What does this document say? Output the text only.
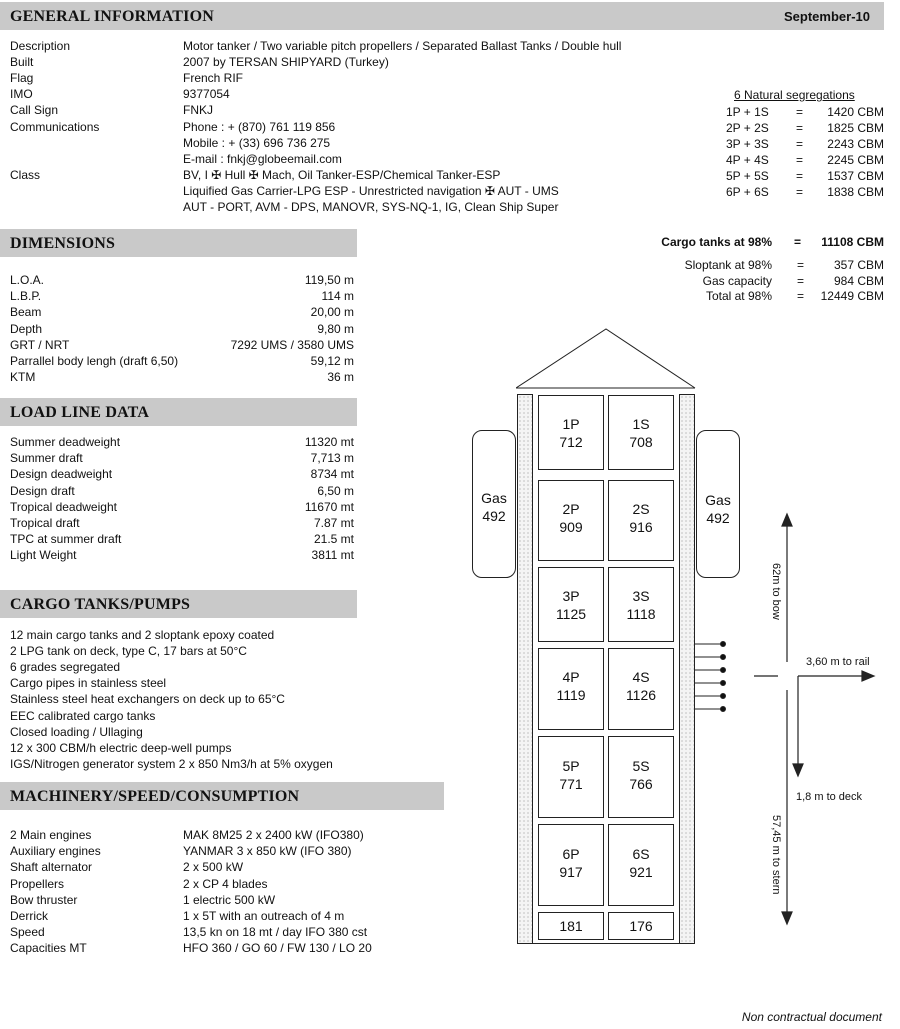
GENERAL INFORMATION	September-10
Description	Motor tanker / Two variable pitch propellers / Separated Ballast Tanks / Double hull
Built	2007 by TERSAN SHIPYARD (Turkey)
Flag	French RIF
IMO	9377054
Call Sign	FNKJ
Communications	Phone : + (870) 761 119 856
Mobile : + (33) 696 736 275
E-mail : fnkj@globeemail.com
Class	BV, I ✠ Hull ✠ Mach, Oil Tanker-ESP/Chemical Tanker-ESP
Liquified Gas Carrier-LPG ESP - Unrestricted navigation ✠ AUT - UMS
AUT - PORT, AVM - DPS, MANOVR, SYS-NQ-1, IG, Clean Ship Super
6 Natural segregations
1P + 1S = 1420 CBM
2P + 2S = 1825 CBM
3P + 3S = 2243 CBM
4P + 4S = 2245 CBM
5P + 5S = 1537 CBM
6P + 6S = 1838 CBM
Cargo tanks at 98% = 11108 CBM
Sloptank at 98% = 357 CBM
Gas capacity = 984 CBM
Total at 98% = 12449 CBM
DIMENSIONS
L.O.A.	119,50 m
L.B.P.	114 m
Beam	20,00 m
Depth	9,80 m
GRT / NRT	7292 UMS / 3580 UMS
Parrallel body lengh (draft 6,50)	59,12 m
KTM	36 m
LOAD LINE DATA
Summer deadweight	11320 mt
Summer draft	7,713 m
Design deadweight	8734 mt
Design draft	6,50 m
Tropical deadweight	11670 mt
Tropical draft	7.87 mt
TPC at summer draft	21.5 mt
Light Weight	3811 mt
CARGO TANKS/PUMPS
12 main cargo tanks and 2 sloptank epoxy coated
2 LPG tank on deck, type C, 17 bars at 50°C
6 grades segregated
Cargo pipes in stainless steel
Stainless steel heat exchangers on deck up to 65°C
EEC calibrated cargo tanks
Closed loading / Ullaging
12 x 300 CBM/h electric deep-well pumps
IGS/Nitrogen generator system 2 x 850 Nm3/h at 5% oxygen
MACHINERY/SPEED/CONSUMPTION
2 Main engines	MAK 8M25 2 x 2400 kW (IFO380)
Auxiliary engines	YANMAR 3 x 850 kW (IFO 380)
Shaft alternator	2 x 500 kW
Propellers	2 x CP 4 blades
Bow thruster	1 electric 500 kW
Derrick	1 x 5T with an outreach of 4 m
Speed	13,5 kn on 18 mt / day IFO 380 cst
Capacities MT	HFO 360 / GO 60 / FW 130 / LO 20
1P
712
1S
708
2P
909
2S
916
3P
1125
3S
1118
4P
1119
4S
1126
5P
771
5S
766
6P
917
6S
921
181	176
Gas
492
Gas
492
62m to bow
57,45 m to stern
3,60 m to rail
1,8 m to deck
Non contractual document
